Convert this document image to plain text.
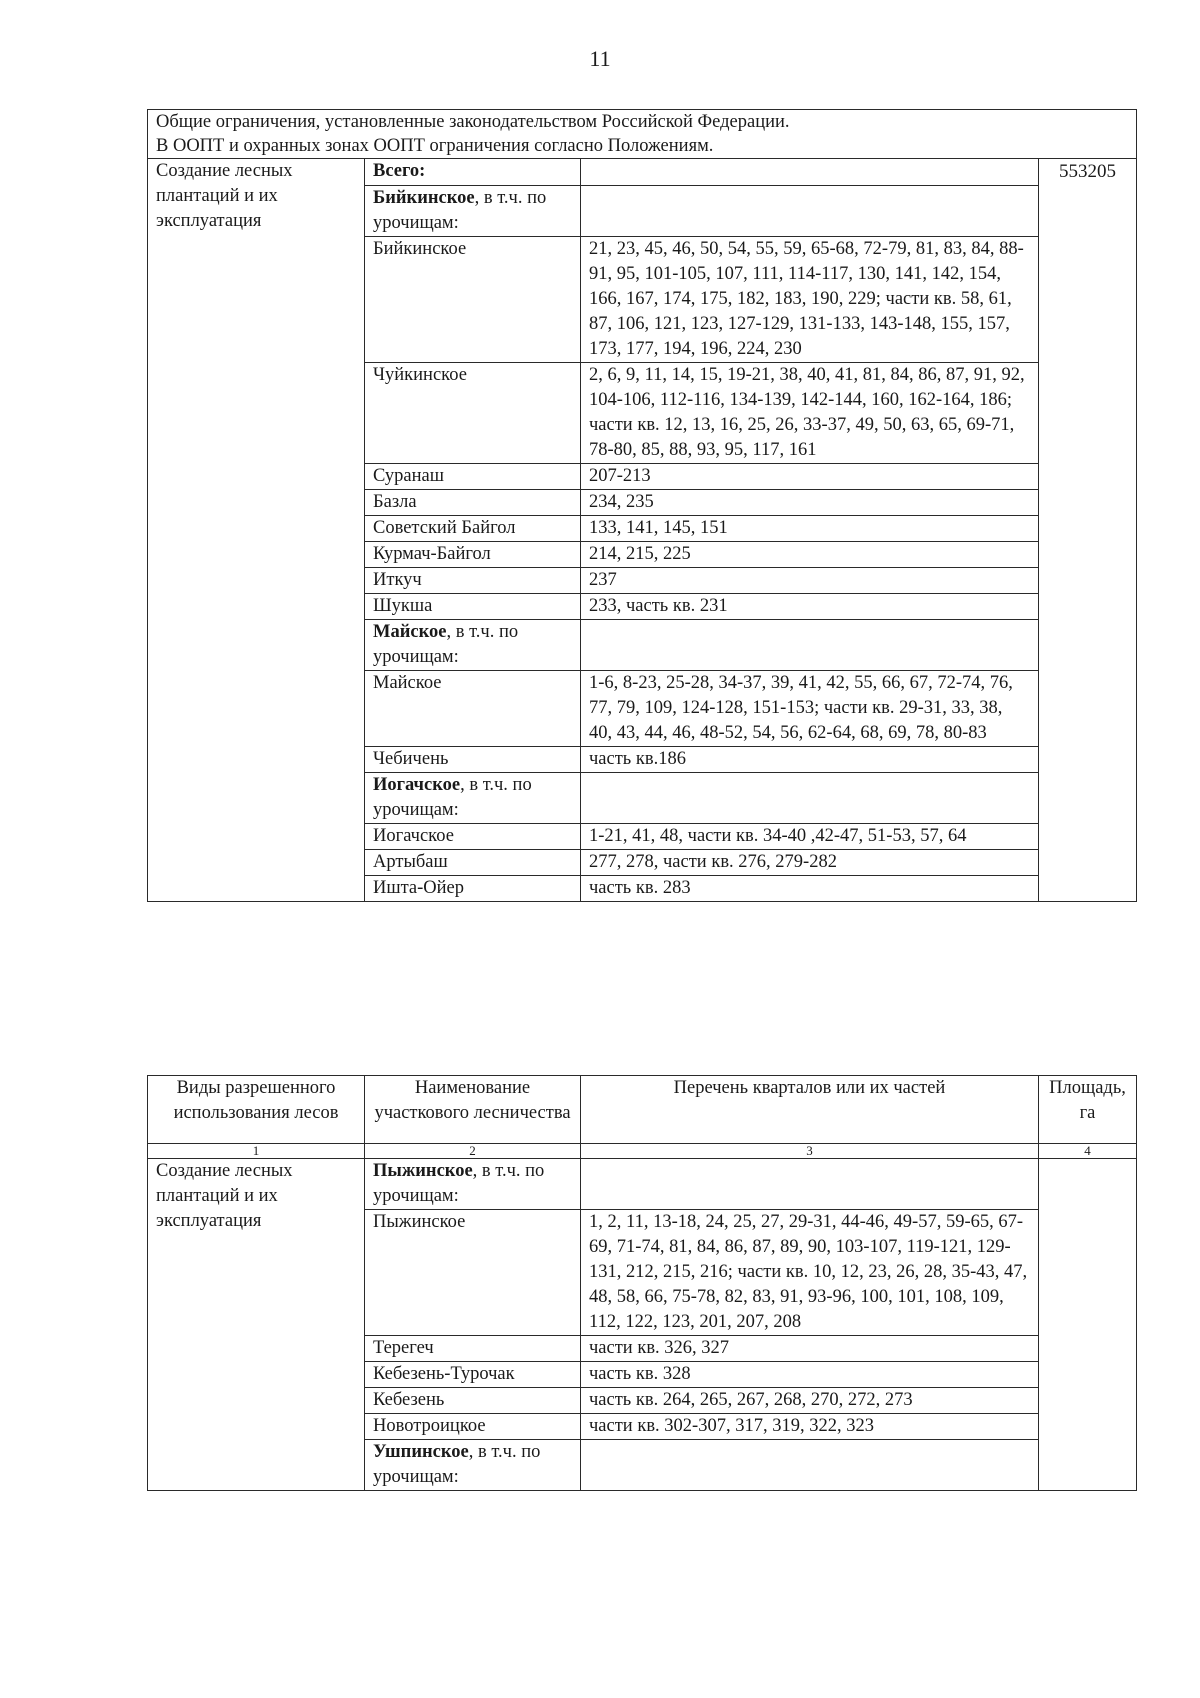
11
Общие ограничения, установленные законодательством Российской Федерации.
В ООПТ и охранных зонах ООПТ ограничения согласно Положениям.			

Создание лесных плантаций и их эксплуатация	Всего:		553205
	Бийкинское, в т.ч. по урочищам:		
	Бийкинское	21, 23, 45, 46, 50, 54, 55, 59, 65-68, 72-79, 81, 83, 84, 88-91, 95, 101-105, 107, 111, 114-117, 130, 141, 142, 154, 166, 167, 174, 175, 182, 183, 190, 229; части кв. 58, 61, 87, 106, 121, 123, 127-129, 131-133, 143-148, 155, 157, 173, 177, 194, 196, 224, 230	
	Чуйкинское	2, 6, 9, 11, 14, 15, 19-21, 38, 40, 41, 81, 84, 86, 87, 91, 92, 104-106, 112-116, 134-139, 142-144, 160, 162-164, 186; части кв. 12, 13, 16, 25, 26, 33-37, 49, 50, 63, 65, 69-71, 78-80, 85, 88, 93, 95, 117, 161	
	Суранаш	207-213	
	Базла	234, 235	
	Советский Байгол	133, 141, 145, 151	
	Курмач-Байгол	214, 215, 225	
	Иткуч	237	
	Шукша	233, часть кв. 231	
	Майское, в т.ч. по урочищам:		
	Майское	1-6, 8-23, 25-28, 34-37, 39, 41, 42, 55, 66, 67, 72-74, 76, 77, 79, 109, 124-128, 151-153; части кв. 29-31, 33, 38, 40, 43, 44, 46, 48-52, 54, 56, 62-64, 68, 69, 78, 80-83	
	Чебичень	часть кв.186	
	Иогачское, в т.ч. по урочищам:		
	Иогачское	1-21, 41, 48, части кв. 34-40 ,42-47, 51-53, 57, 64	
	Артыбаш	277, 278, части кв. 276, 279-282	
	Ишта-Ойер	часть кв. 283	
Виды разрешенного использования лесов	Наименование участкового лесничества	Перечень кварталов или их частей	Площадь, га
1	2	3	4
Создание лесных плантаций и их эксплуатация	Пыжинское, в т.ч. по урочищам:		
	Пыжинское	1, 2, 11, 13-18, 24, 25, 27, 29-31, 44-46, 49-57, 59-65, 67-69, 71-74, 81, 84, 86, 87, 89, 90, 103-107, 119-121, 129-131, 212, 215, 216; части кв. 10, 12, 23, 26, 28, 35-43, 47, 48, 58, 66, 75-78, 82, 83, 91, 93-96, 100, 101, 108, 109, 112, 122, 123, 201, 207, 208	
	Терегеч	части кв. 326, 327	
	Кебезень-Турочак	часть кв. 328	
	Кебезень	часть кв. 264, 265, 267, 268, 270, 272, 273	
	Новотроицкое	части кв. 302-307, 317, 319, 322, 323	
	Ушпинское, в т.ч. по урочищам:		
